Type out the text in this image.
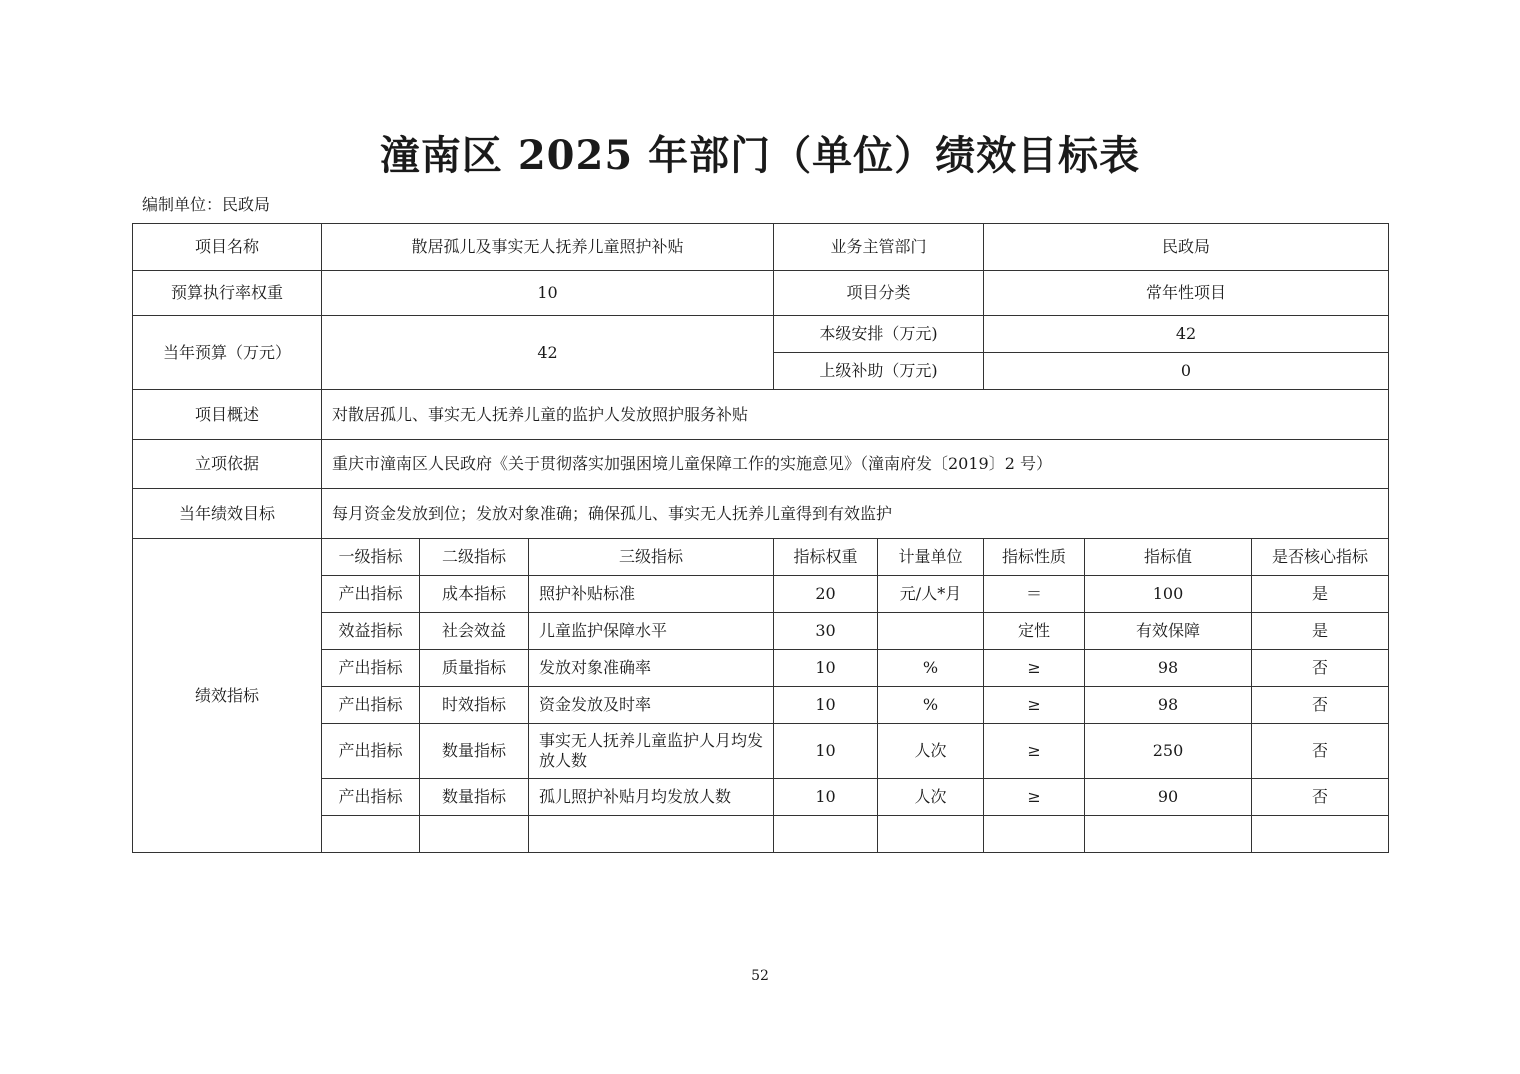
潼南区 2025 年部门（单位）绩效目标表
编制单位：民政局
项目名称	散居孤儿及事实无人抚养儿童照护补贴			业务主管部门		民政局		
预算执行率权重	10			项目分类		常年性项目		
当年预算（万元）	42			本级安排（万元)		42		
				上级补助（万元)		0		
项目概述	对散居孤儿、事实无人抚养儿童的监护人发放照护服务补贴							
立项依据	重庆市潼南区人民政府《关于贯彻落实加强困境儿童保障工作的实施意见》（潼南府发〔2019〕2 号）							
当年绩效目标	每月资金发放到位；发放对象准确；确保孤儿、事实无人抚养儿童得到有效监护							
绩效指标	一级指标	二级指标	三级指标	指标权重	计量单位	指标性质	指标值	是否核心指标
	产出指标	成本指标	照护补贴标准	20	元/人*月	＝	100	是
	效益指标	社会效益	儿童监护保障水平	30		定性	有效保障	是
	产出指标	质量指标	发放对象准确率	10	%	≥	98	否
	产出指标	时效指标	资金发放及时率	10	%	≥	98	否
	产出指标	数量指标	事实无人抚养儿童监护人月均发放人数	10	人次	≥	250	否
	产出指标	数量指标	孤儿照护补贴月均发放人数	10	人次	≥	90	否

52
